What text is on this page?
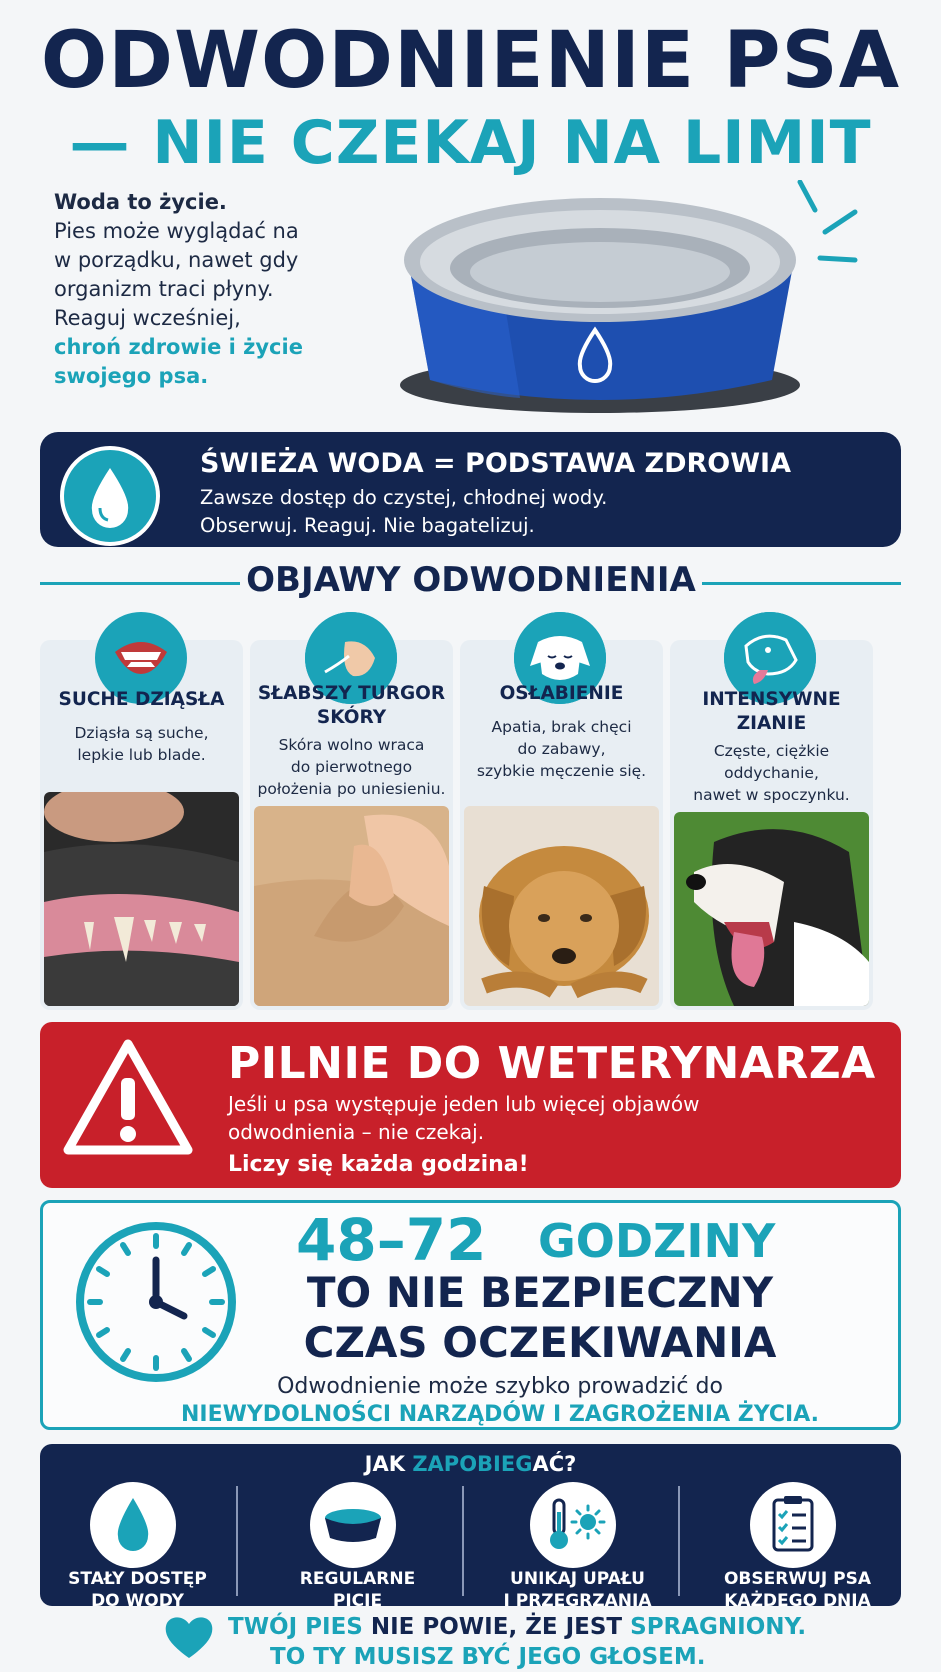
ODWODNIENIE PSA
— NIE CZEKAJ NA LIMIT
Woda to życie.
Pies może wyglądać na
w porządku, nawet gdy
organizm traci płyny.
Reaguj wcześniej,
chroń zdrowie i życie
swojego psa.
ŚWIEŻA WODA = PODSTAWA ZDROWIA
Zawsze dostęp do czystej, chłodnej wody.
Obserwuj. Reaguj. Nie bagatelizuj.
OBJAWY ODWODNIENIA
SUCHE DZIĄSŁA
Dziąsła są suche,
lepkie lub blade.
SŁABSZY TURGOR
SKÓRY
Skóra wolno wraca
do pierwotnego
położenia po uniesieniu.
OSŁABIENIE
Apatia, brak chęci
do zabawy,
szybkie męczenie się.
INTENSYWNE
ZIANIE
Częste, ciężkie
oddychanie,
nawet w spoczynku.
PILNIE DO WETERYNARZA
Jeśli u psa występuje jeden lub więcej objawów
odwodnienia – nie czekaj.
Liczy się każda godzina!
48–72 GODZINY
TO NIE BEZPIECZNY
CZAS OCZEKIWANIA
Odwodnienie może szybko prowadzić do
NIEWYDOLNOŚCI NARZĄDÓW I ZAGROŻENIA ŻYCIA.
JAK ZAPOBIEGAĆ?
STAŁY DOSTĘP
DO WODY
REGULARNE
PICIE
UNIKAJ UPAŁU
I PRZEGRZANIA
OBSERWUJ PSA
KAŻDEGO DNIA
TWÓJ PIES NIE POWIE, ŻE JEST SPRAGNIONY.
TO TY MUSISZ BYĆ JEGO GŁOSEM.
